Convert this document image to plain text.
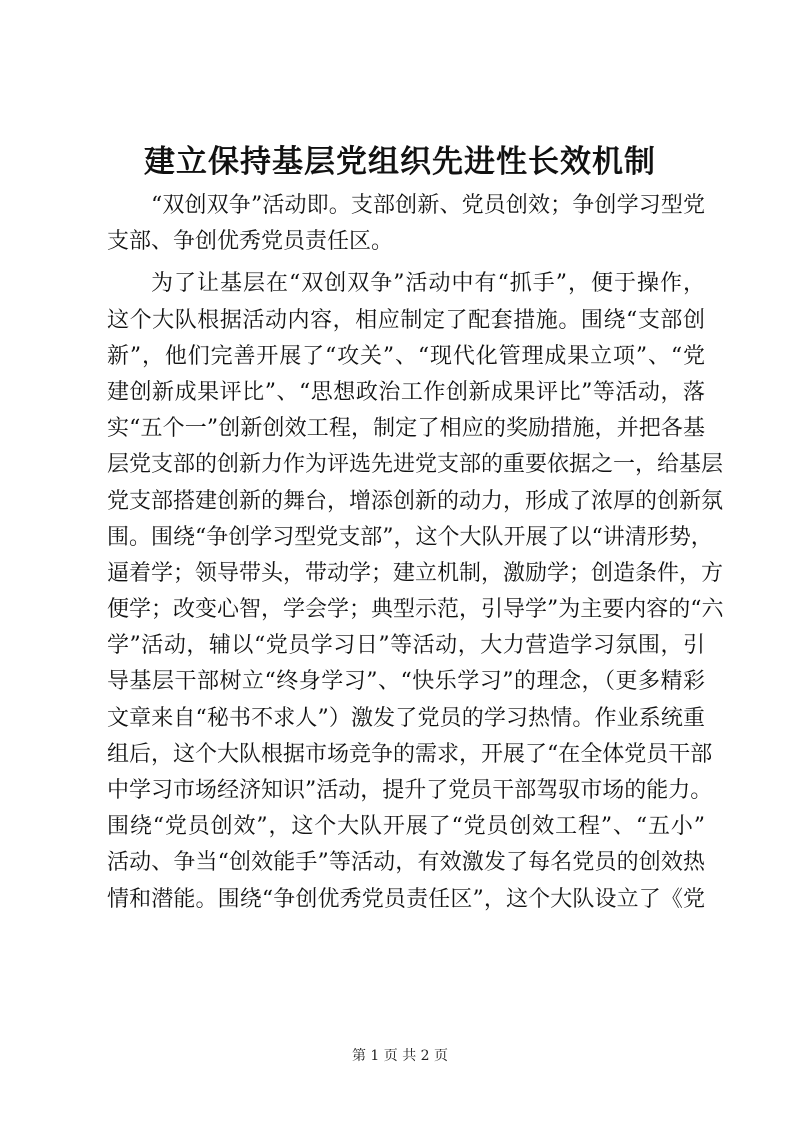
建立保持基层党组织先进性长效机制
“双创双争”活动即。支部创新、党员创效；争创学习型党
支部、争创优秀党员责任区。
为了让基层在“双创双争”活动中有“抓手”，便于操作，
这个大队根据活动内容，相应制定了配套措施。围绕“支部创
新”，他们完善开展了“攻关”、“现代化管理成果立项”、“党
建创新成果评比”、“思想政治工作创新成果评比”等活动，落
实“五个一”创新创效工程，制定了相应的奖励措施，并把各基
层党支部的创新力作为评选先进党支部的重要依据之一，给基层
党支部搭建创新的舞台，增添创新的动力，形成了浓厚的创新氛
围。围绕“争创学习型党支部”，这个大队开展了以“讲清形势，
逼着学；领导带头，带动学；建立机制，激励学；创造条件，方
便学；改变心智，学会学；典型示范，引导学”为主要内容的“六
学”活动，辅以“党员学习日”等活动，大力营造学习氛围，引
导基层干部树立“终身学习”、“快乐学习”的理念，（更多精彩
文章来自“秘书不求人”）激发了党员的学习热情。作业系统重
组后，这个大队根据市场竞争的需求，开展了“在全体党员干部
中学习市场经济知识”活动，提升了党员干部驾驭市场的能力。
围绕“党员创效”，这个大队开展了“党员创效工程”、“五小”
活动、争当“创效能手”等活动，有效激发了每名党员的创效热
情和潜能。围绕“争创优秀党员责任区”，这个大队设立了《党
第 1 页 共 2 页
